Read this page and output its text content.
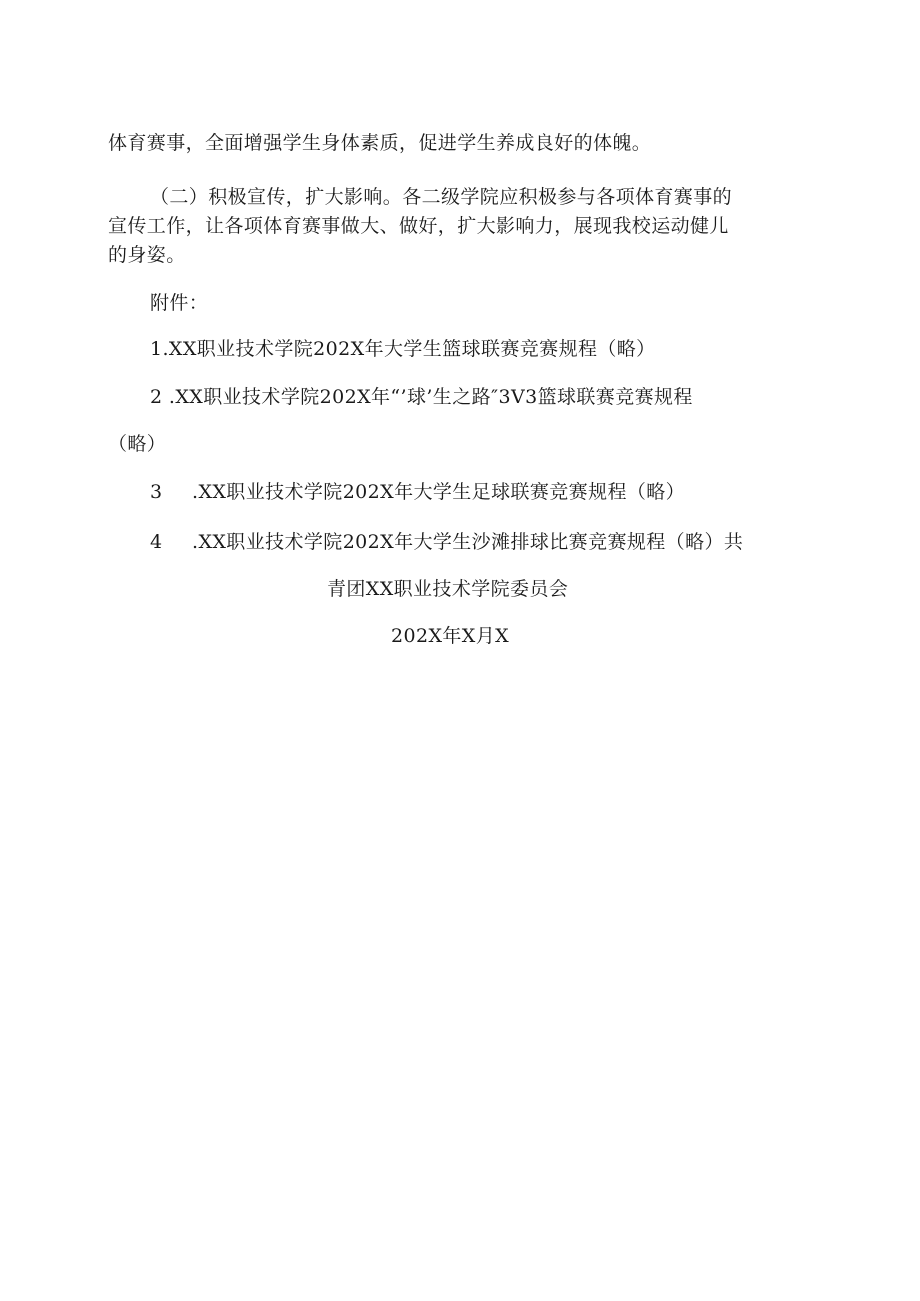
体育赛事，全面增强学生身体素质，促进学生养成良好的体魄。
（二）积极宣传，扩大影响。各二级学院应积极参与各项体育赛事的
宣传工作，让各项体育赛事做大、做好，扩大影响力，展现我校运动健儿
的身姿。
附件：
1.XX职业技术学院202X年大学生篮球联赛竞赛规程（略）
2 .XX职业技术学院202X年“’球’生之路″3V3篮球联赛竞赛规程
（略）
3 .XX职业技术学院202X年大学生足球联赛竞赛规程（略）
4 .XX职业技术学院202X年大学生沙滩排球比赛竞赛规程（略）共
青团XX职业技术学院委员会
202X年X月X
